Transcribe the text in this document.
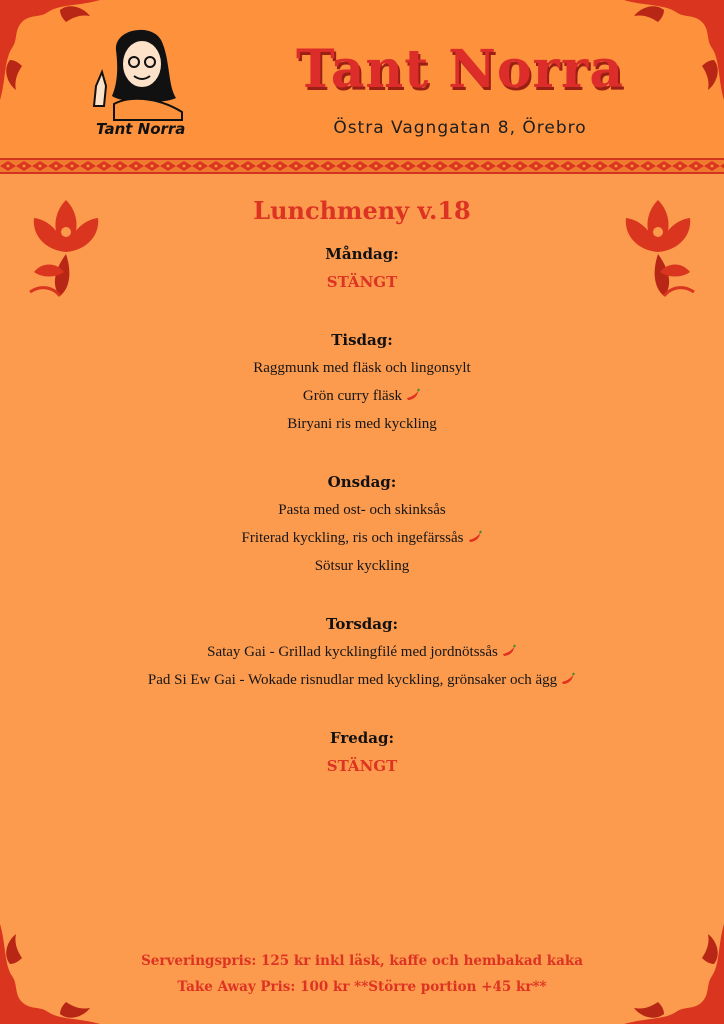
Tant Norra
Tant Norra
Östra Vagngatan 8, Örebro
Lunchmeny v.18
Måndag:
STÄNGT
Tisdag:
Raggmunk med fläsk och lingonsylt
Grön curry fläsk
Biryani ris med kyckling
Onsdag:
Pasta med ost- och skinksås
Friterad kyckling, ris och ingefärssås
Sötsur kyckling
Torsdag:
Satay Gai - Grillad kycklingfilé med jordnötssås
Pad Si Ew Gai - Wokade risnudlar med kyckling, grönsaker och ägg
Fredag:
STÄNGT
Serveringspris: 125 kr inkl läsk, kaffe och hembakad kaka
Take Away Pris: 100 kr **Större portion +45 kr**
